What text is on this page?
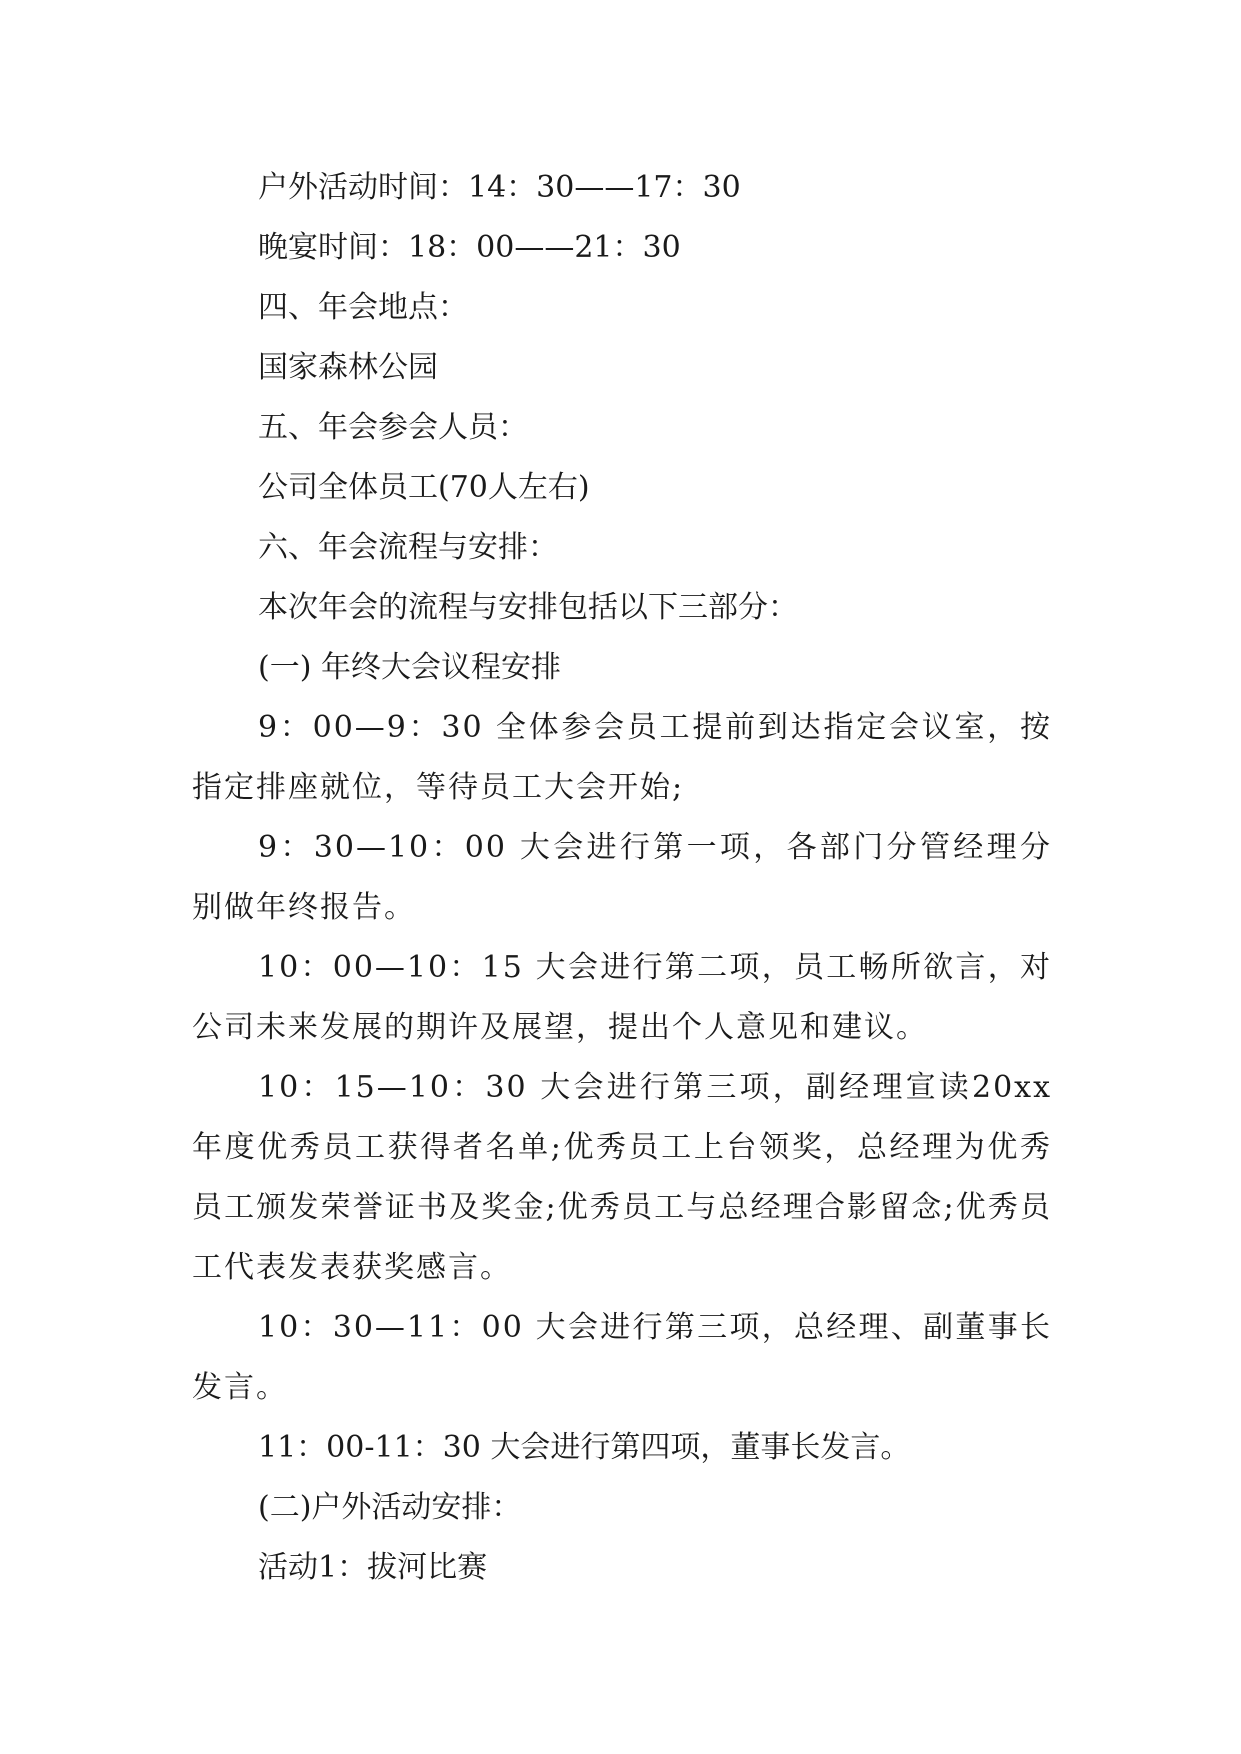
户外活动时间：14：30——17：30

晚宴时间：18：00——21：30

四、年会地点：

国家森林公园

五、年会参会人员：

公司全体员工(70人左右)

六、年会流程与安排：

本次年会的流程与安排包括以下三部分：

(一) 年终大会议程安排

9：00—9：30 全体参会员工提前到达指定会议室，按指定排座就位，等待员工大会开始;

9：30—10：00 大会进行第一项，各部门分管经理分别做年终报告。

10：00—10：15 大会进行第二项，员工畅所欲言，对公司未来发展的期许及展望，提出个人意见和建议。

10：15—10：30 大会进行第三项，副经理宣读20xx年度优秀员工获得者名单;优秀员工上台领奖，总经理为优秀员工颁发荣誉证书及奖金;优秀员工与总经理合影留念;优秀员工代表发表获奖感言。

10：30—11：00 大会进行第三项，总经理、副董事长发言。

11：00-11：30 大会进行第四项，董事长发言。

(二)户外活动安排：

活动1：拔河比赛
